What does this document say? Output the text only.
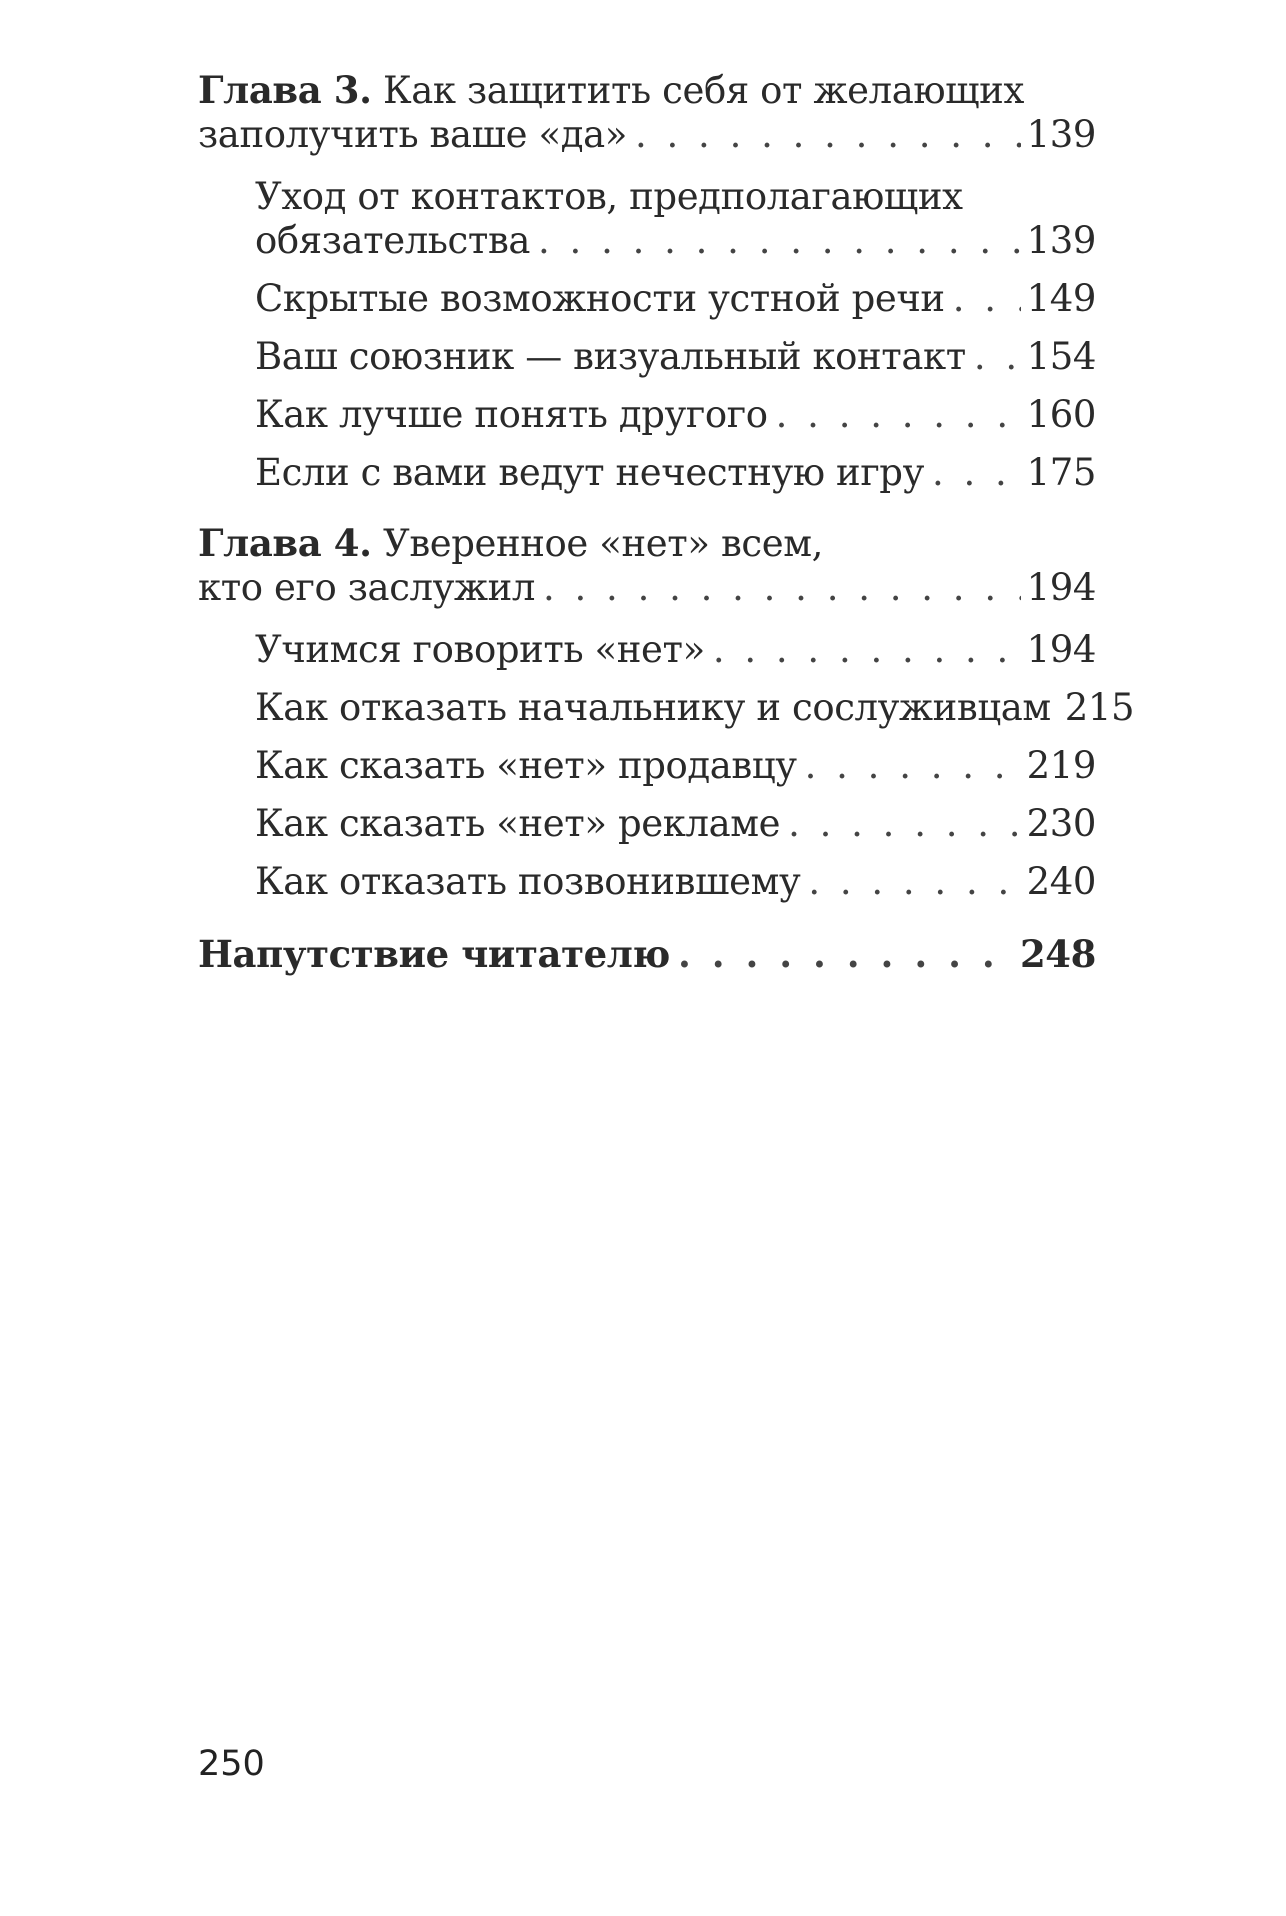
Глава 3. Как защитить себя от желающих
заполучить ваше «да» . . .	139
Уход от контактов, предполагающих
обязательства . . .	139
Скрытые возможности устной речи . . . 149
Ваш союзник — визуальный контакт . . . 154
Как лучше понять другого . . .	160
Если с вами ведут нечестную игру . . .	175
Глава 4. Уверенное «нет» всем,
кто его заслужил . . .	194
Учимся говорить «нет» . . .	194
Как отказать начальнику и сослуживцам 215
Как сказать «нет» продавцу . . .	219
Как сказать «нет» рекламе . . .	230
Как отказать позвонившему . . .	240
Напутствие читателю . . .	248
250
